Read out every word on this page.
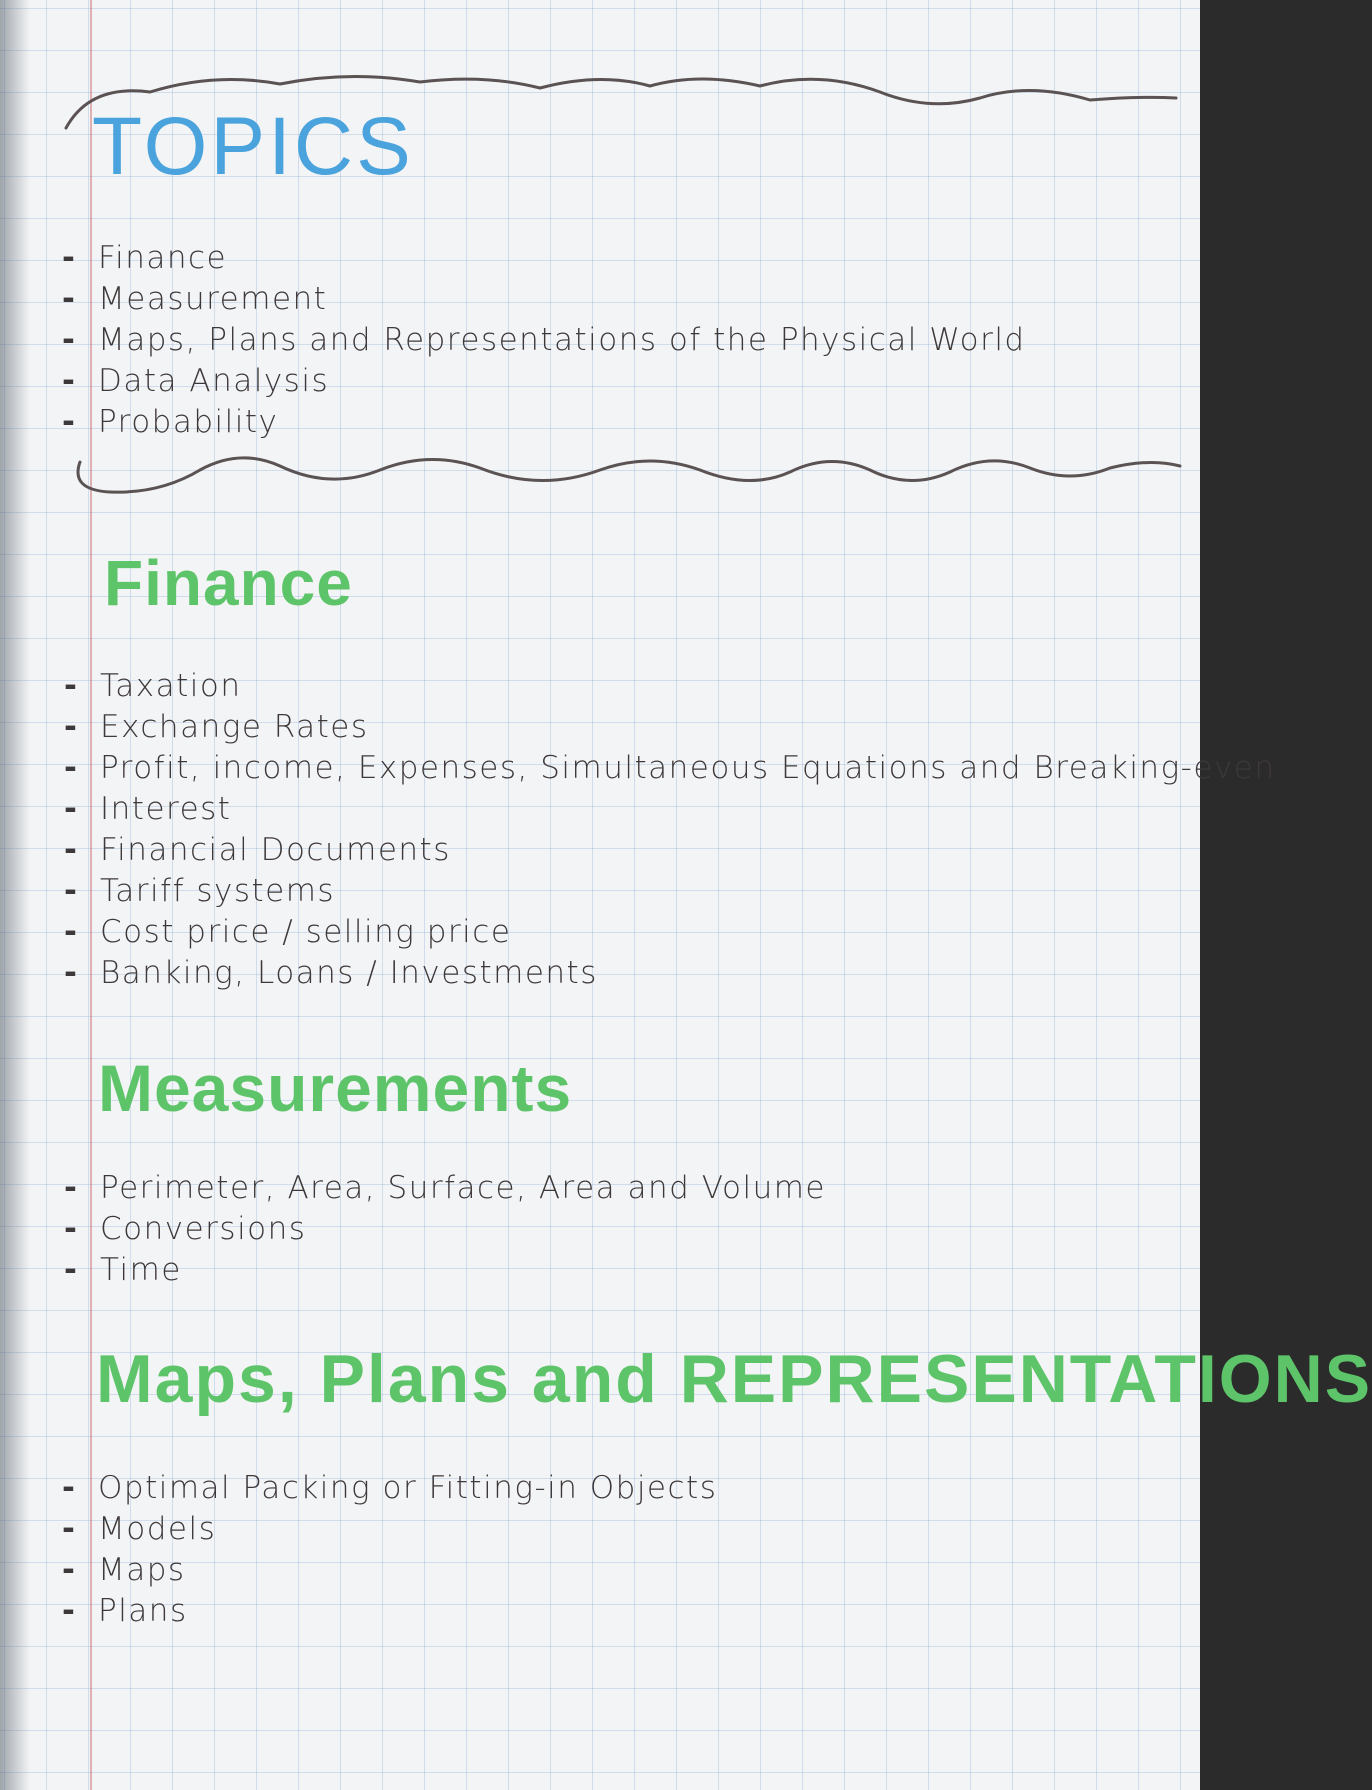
TOPICS
- Finance
- Measurement
- Maps, Plans and Representations of the Physical World
- Data Analysis
- Probability
Finance
- Taxation
- Exchange Rates
- Profit, income, Expenses, Simultaneous Equations and Breaking-even
- Interest
- Financial Documents
- Tariff systems
- Cost price / selling price
- Banking, Loans / Investments
Measurements
- Perimeter, Area, Surface, Area and Volume
- Conversions
- Time
Maps, Plans and REPRESENTATIONS
- Optimal Packing or Fitting-in Objects
- Models
- Maps
- Plans
